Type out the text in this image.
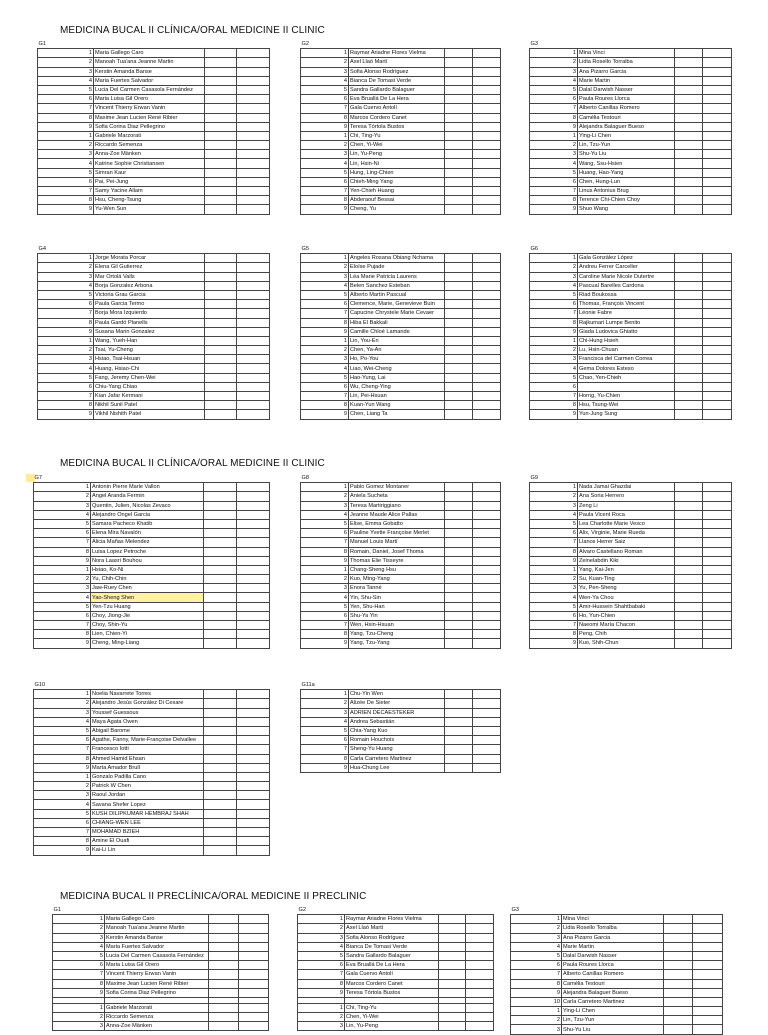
MEDICINA BUCAL II CLÍNICA/ORAL MEDICINE II CLINIC
MEDICINA BUCAL II CLÍNICA/ORAL MEDICINE II CLINIC
MEDICINA BUCAL II PRECLÍNICA/ORAL MEDICINE II PRECLINIC
G1			
1	Maria Gallego Caro		
2	Manoah Tua'ana Jeanne Martin		
3	Kerstin Amanda Banse		
4	Maria Fuertes Salvador		
5	Lucia Del Carmen Casasola Fernández		
6	Maria Luisa Gil Orero		
7	Vincent Thierry Erwan Vanin		
8	Maxime Jean Lucien René Ribier		
9	Sofia Corina Diaz Pellegrino		
1	Gabriele Marzorati		
2	Riccardo Semenza		
3	Anna-Zoe Mänken		
4	Katrine Sophie Christiansen		
5	Simran Kaur		
6	Pai, Pei-Jung		
7	Samy Yacine Allam		
8	Hsu, Cheng-Tsung		
9	Yu-Wen Sun		
G2			
1	Raymar Ariadne Flores Vielma		
2	Axel Llaó Martí		
3	Sofia Alonso Rodríguez		
4	Bianca De Tomasi Verde		
5	Sandra Gallardo Balaguer		
6	Eva Bruallá De La Hera		
7	Gala Cuervo Antolí		
8	Marcos Cordero Canet		
9	Teresa Tórtola Bustos		
1	Chi, Ting-Yu		
2	Chen, Yi-Wei		
3	Lin, Yu-Peng		
4	Lin, Hsin-Ni		
5	Hung, Ling-Chien		
6	Chieh-Ming Yang		
7	Yen-Chieh Huang		
8	Abderaouf Bessai		
9	Cheng, Yu		
G3			
1	Mina Vinci		
2	Lidia Rosello Torralba		
3	Ana Pizarro Garcia		
4	Marie Martin		
5	Dalal Darwish Nasser		
6	Paula Roures Llorca		
7	Alberto Canillas Romero		
8	Camélia Testouri		
9	Alejandra Balaguer Bueso		
1	Ying-Li Chen		
2	Lin, Tzu-Yun		
3	Shu-Yu Liu		
4	Wang, Ssu-Hsien		
5	Huang, Hao-Yang		
6	Chen, Hung-Lun		
7	Linus Antonius Brug		
8	Terence Chi-Chien Choy		
9	Shuo Wang		
G4			
1	Jorge Morata Porcar		
2	Elena Gil Gutierrez		
3	Mar Ortolá Valls		
4	Borja Gonzalez Arbona		
5	Victoria Grau Garcia		
6	Paula Garcia Termo		
7	Borja Mora Izquierdo		
8	Paula Gardó Planells		
9	Susana Marin Gonzalez		
1	Wang, Yueh-Han		
2	Tsai, Yu-Cheng		
3	Hsiao, Tsai-Hsuan		
4	Huang, Hsiao-Chi		
5	Fang, Jeremy Chen-Wei		
6	Chiu-Yang Chiao		
7	Kian Jafar Kermani		
8	Nikhil Sunil Patel		
9	Vikhil Nishith Patel		
G5			
1	Angeles Rosana Obiang Nchama		
2	Eloïse Pujade		
3	Léa Marie Patricia Laurens		
4	Belen Sanchez Esteban		
5	Alberto Martin Pascual		
6	Clemence, Marie, Genevieve Buin		
7	Capucine Chrystele Marie Cevaer		
8	Hiba El Bakkali		
9	Camille Chloé Lamande		
1	Lin, You-En		
2	Chen, Ya-An		
3	Ho, Po-You		
4	Liao, Wei-Cheng		
5	Hao-Yung, Lai		
6	Wu, Cheng-Ying		
7	Lin, Pei-Hsuan		
8	Kuan-Yun Wang		
9	Chen, Liang Ta		
G6			
1	Gala González López		
2	Andreu Ferrer Carceller		
3	Caroline Marie Nicole Dutertre		
4	Pascual Barelles Cardona		
5	Riad Boukossa		
6	Thomas, François Vincent		
7	Léonie Fabre		
8	Rajkumari Lumpe Benito		
9	Giada Ludovica Ghiatto		
1	Chi-Hung Hsieh		
2	Lu, Hsin-Chuan		
3	Francisca del Carmen Correa		
4	Gema Dolores Esteso		
5	Chao, Yen-Chieh		
6			
7	Horng, Yu-Chien		
8	Hsu, Tsung-Wei		
9	Yun-Jung Sung		
G7			
1	Antonin Pierre Marie Vallon		
2	Angel Aranda Fermin		
3	Quentin, Julien, Nicolas Zevaco		
4	Alejandro Ongel Garcia		
5	Samara Pacheco Khatib		
6	Elena Mira Navalón		
7	Alicia Mañas Melendez		
8	Luisa Lopez Petroche		
9	Nora Laasri Bouhou		
1	Hsiao, Ko-Ni		
2	Yu, Chih-Chin		
3	Jaw-Ruey Chen		
4	Yao-Sheng Shen		
5	Yen-Tzu Huang		
6	Choy, Jiong-Jie		
7	Choy, Shin-Yu		
8	Lien, Chien-Yi		
9	Cheng, Ming-Liang		
G8			
1	Pablo Gomez Montaner		
2	Aniela Sucheta		
3	Teresa Martiriggiano		
4	Jeanne Maude Alice Pallas		
5	Elise, Emma Gobatto		
6	Pauline Yvette Françoise Merlet		
7	Manuel Louis Martí		
8	Romain, Daniel, Josef Thoma		
9	Thomas Elie Tisseyre		
1	Chang-Sheng Hsu		
2	Kuo, Ming-Yang		
3	Enora Tanné		
4	Yin, Shu-Sin		
5	Yen, Shu-Han		
6	Shu-Ya Yin		
7	Wen, Hsin-Hsuan		
8	Yang, Tzu-Cheng		
9	Yang, Tzu-Yang		
G9			
1	Nada Jamai Ghazdai		
2	Ana Soria Herrero		
3	Zeng Li		
4	Paula Vicent Roca		
5	Lea Charlotte Marie Vesco		
6	Alix, Virginie, Marie Rueda		
7	Llanos Herrer Saiz		
8	Alvaro Castellano Roman		
9	Zeinelabdin Kiki		
1	Yang, Kai-Jen		
2	Su, Kuan-Ting		
3	Yu, Pen-Sheng		
4	Wen-Ya Chou		
5	Amir-Hussein Shahtbabaki		
6	Ho, Yun-Chien		
7	Naeomi María Chacon		
8	Peng, Chih		
9	Kuo, Shih-Chun		
G10			
1	Noelia Navarrete Torres		
2	Alejandro Jesús González Di Cesare		
3	Youssef Guessous		
4	Maya Agata Owen		
5	Abigail Barome		
6	Agathe, Fanny, Marie-Françoise Delvallee		
7	Francesco Iotti		
8	Ahmed Hamid Ehsan		
9	Marta Amador Brull		
1	Gonzalo Padilla Cano		
2	Patrick W Chen		
3	Raoul Jordan		
4	Savana Shefer Lopez		
5	KUSH DILIPKUMAR HEMBRAJ SHAH		
6	CHIANG-WEN LEE		
7	MOHAMAD BZIEH		
8	Amine El Ouafi		
9	Kai-Li Lin		
G11a			
1	Chu-Yin Wen		
2	Alizée De Sieter		
3	ADRIEN DECAESTEKER		
4	Andrea Sebastián		
5	Chia-Yang Kuo		
6	Romain Houchois		
7	Sheng-Yu Huang		
8	Carla Carretero Martinez		
9	Hua-Chung Lee		
G1			
1	Maria Gallego Caro		
2	Manoah Tua'ana Jeanne Martin		
3	Kerstin Amanda Banse		
4	Maria Fuertes Salvador		
5	Lucia Del Carmen Casasola Fernández		
6	Maria Luisa Gil Orero		
7	Vincent Thierry Erwan Vanin		
8	Maxime Jean Lucien René Ribier		
9	Sofia Corina Diaz Pellegrino		

1	Gabriele Marzorati		
2	Riccardo Semenza		
3	Anna-Zoe Mänken		
G2			
1	Raymar Ariadne Flores Vielma		
2	Axel Llaó Martí		
3	Sofia Alonso Rodríguez		
4	Bianca De Tomasi Verde		
5	Sandra Gallardo Balaguer		
6	Eva Bruallá De La Hera		
7	Gala Cuervo Antolí		
8	Marcos Cordero Canet		
9	Teresa Tórtola Bustos		

1	Chi, Ting-Yu		
2	Chen, Yi-Wei		
3	Lin, Yu-Peng		
G3			
1	Mina Vinci		
2	Lidia Rosello Torralba		
3	Ana Pizarro Garcia		
4	Marie Martin		
5	Dalal Darwish Nasser		
6	Paula Roures Llorca		
7	Alberto Canillas Romero		
8	Camélia Testouri		
9	Alejandra Balaguer Bueso		
10	Carla Carretero Martinez		
1	Ying-Li Chen		
2	Lin, Tzu-Yun		
3	Shu-Yu Liu		
